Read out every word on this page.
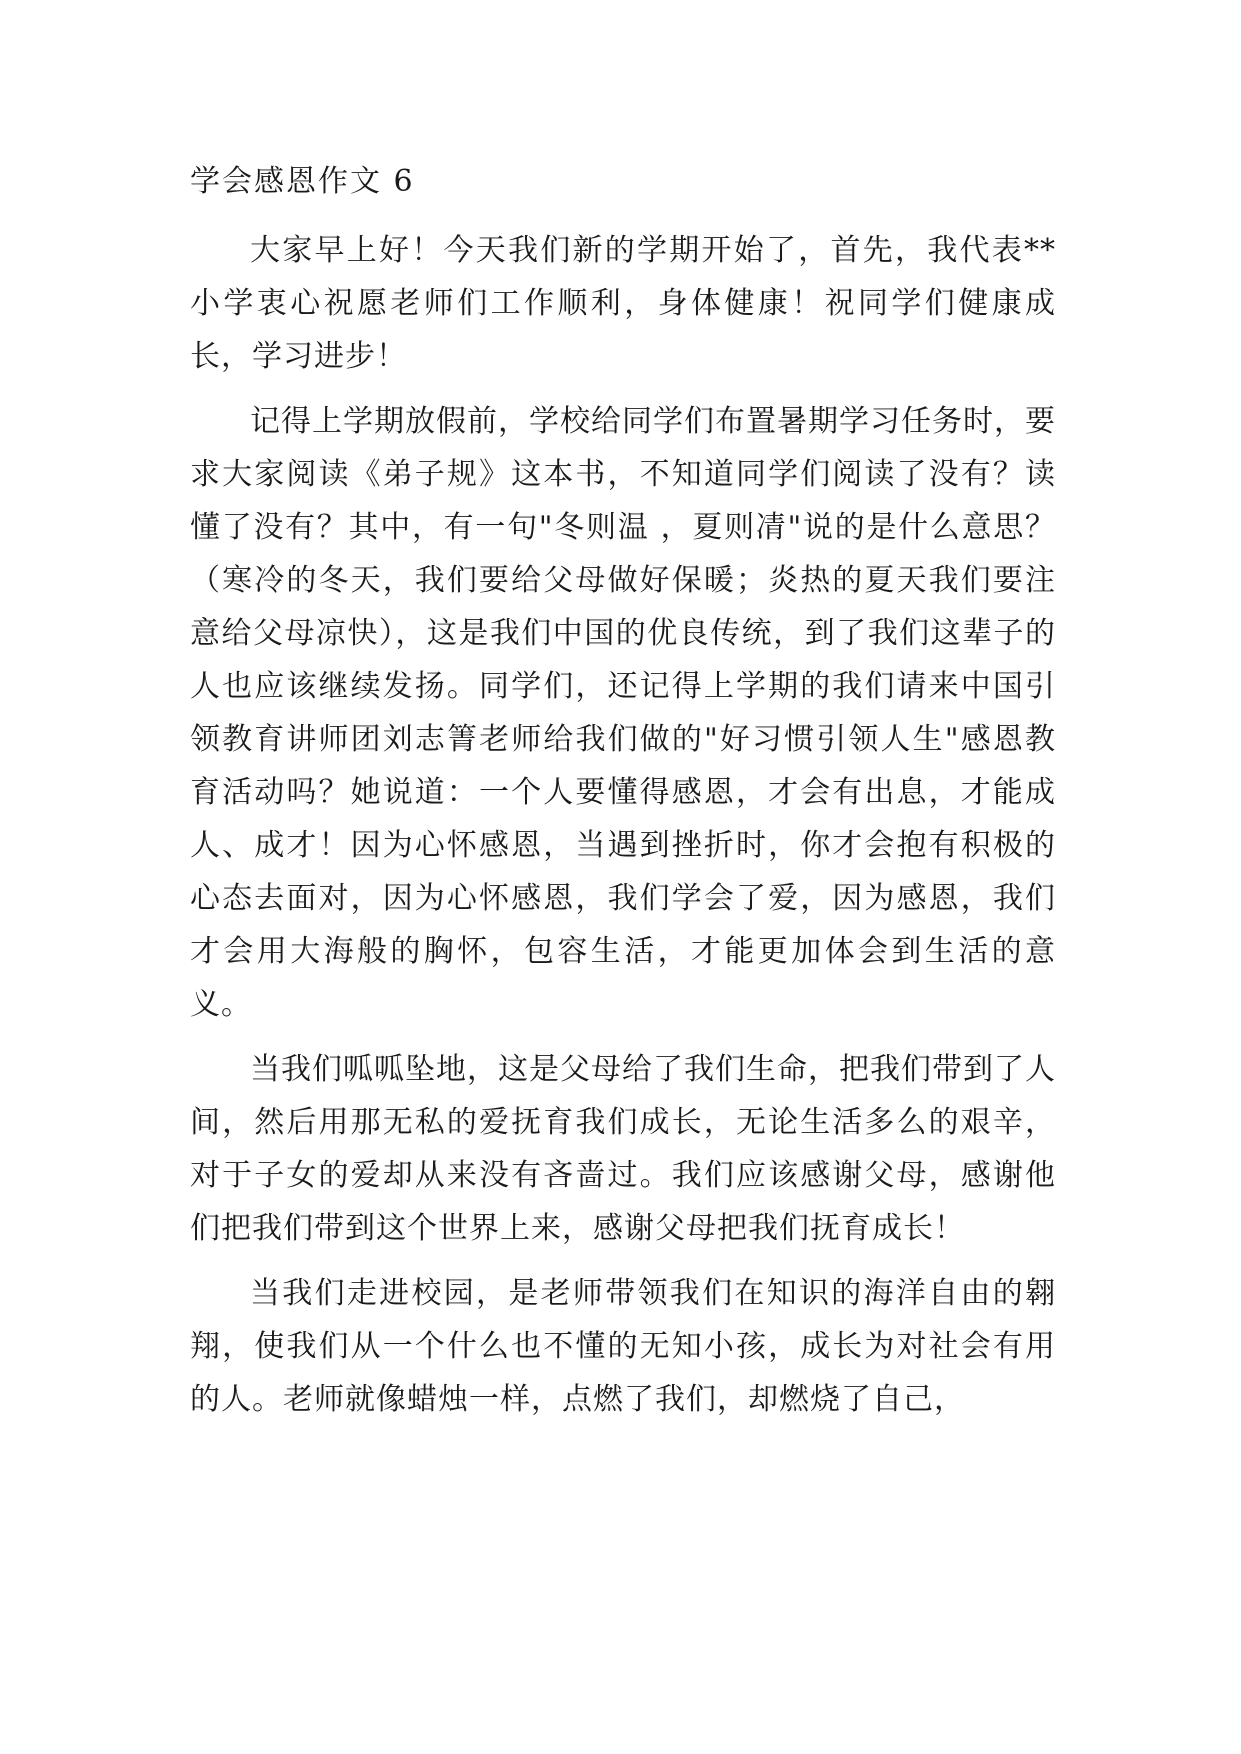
学会感恩作文 6

大家早上好！今天我们新的学期开始了，首先，我代表**小学衷心祝愿老师们工作顺利，身体健康！祝同学们健康成长，学习进步！

记得上学期放假前，学校给同学们布置暑期学习任务时，要求大家阅读《弟子规》这本书，不知道同学们阅读了没有？读懂了没有？其中，有一句"冬则温 ，夏则凊"说的是什么意思？（寒冷的冬天，我们要给父母做好保暖；炎热的夏天我们要注意给父母凉快），这是我们中国的优良传统，到了我们这辈子的人也应该继续发扬。同学们，还记得上学期的我们请来中国引领教育讲师团刘志箐老师给我们做的"好习惯引领人生"感恩教育活动吗？她说道：一个人要懂得感恩，才会有出息，才能成人、成才！因为心怀感恩，当遇到挫折时，你才会抱有积极的心态去面对，因为心怀感恩，我们学会了爱，因为感恩，我们才会用大海般的胸怀，包容生活，才能更加体会到生活的意义。

当我们呱呱坠地，这是父母给了我们生命，把我们带到了人间，然后用那无私的爱抚育我们成长，无论生活多么的艰辛，对于子女的爱却从来没有吝啬过。我们应该感谢父母，感谢他们把我们带到这个世界上来，感谢父母把我们抚育成长！

当我们走进校园，是老师带领我们在知识的海洋自由的翱翔，使我们从一个什么也不懂的无知小孩，成长为对社会有用的人。老师就像蜡烛一样，点燃了我们，却燃烧了自己，
